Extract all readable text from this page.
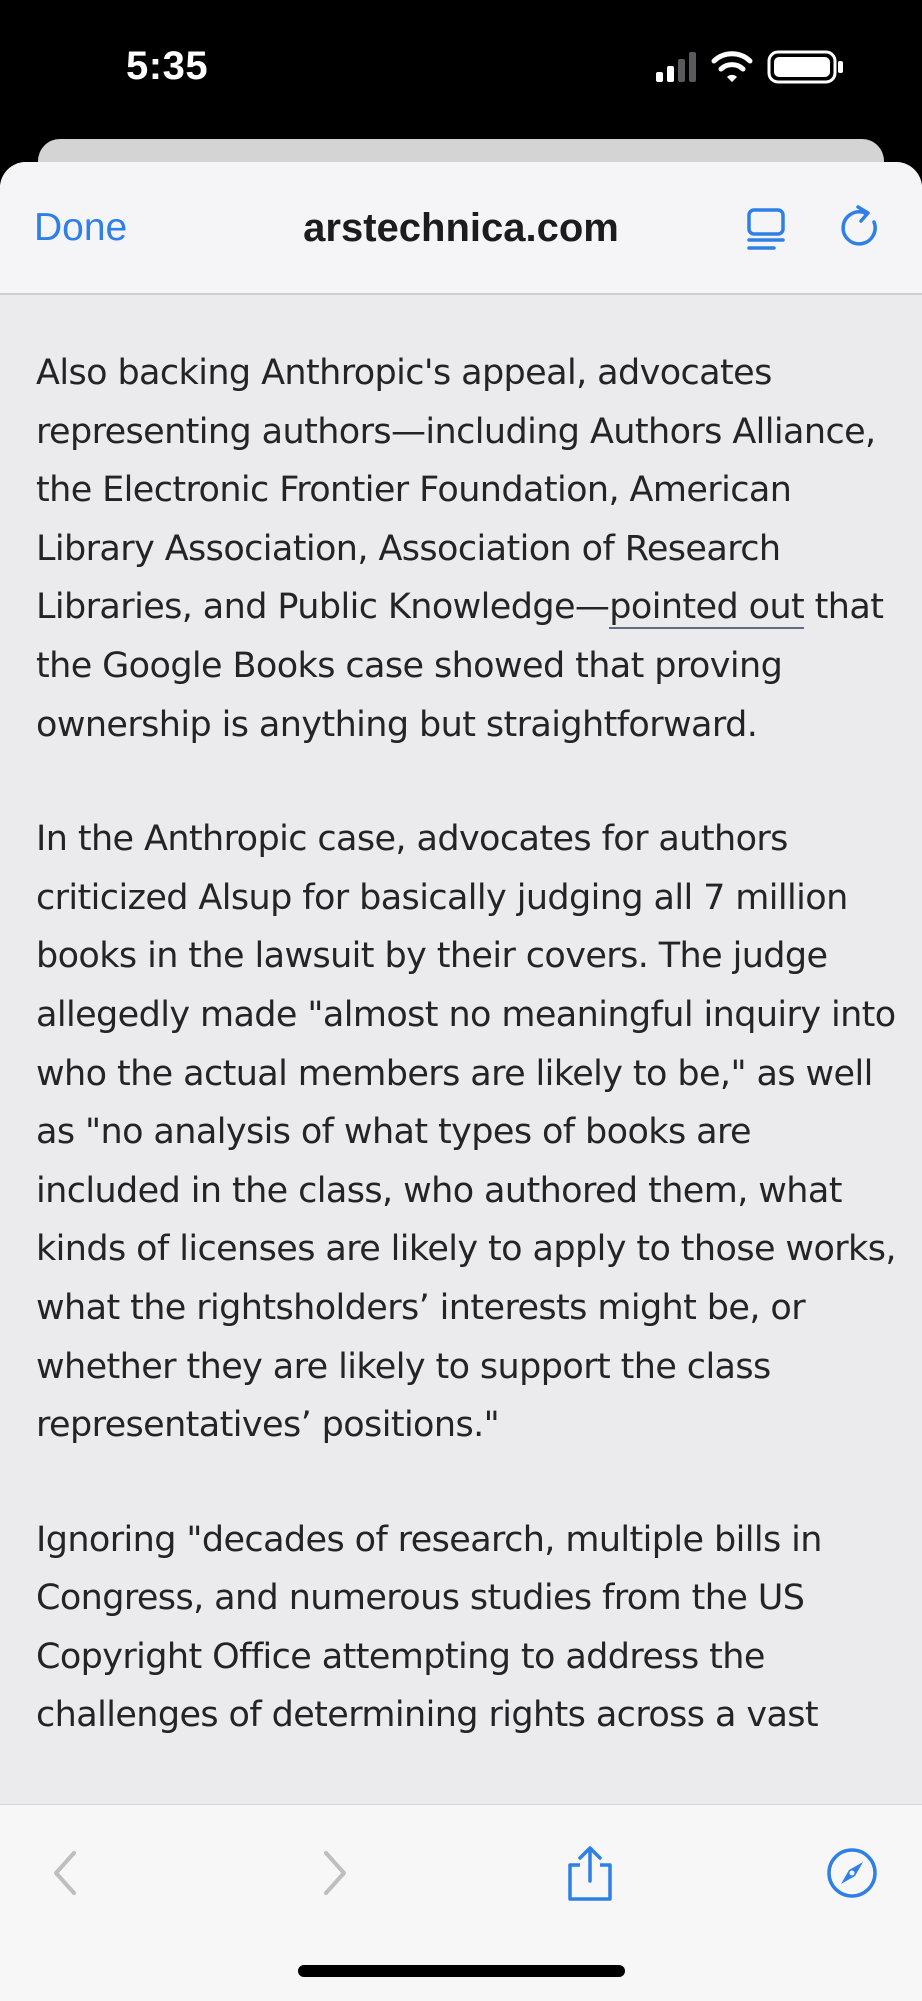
5:35
Done	arstechnica.com

Also backing Anthropic's appeal, advocates representing authors—including Authors Alliance, the Electronic Frontier Foundation, American Library Association, Association of Research Libraries, and Public Knowledge—pointed out that the Google Books case showed that proving ownership is anything but straightforward.

In the Anthropic case, advocates for authors criticized Alsup for basically judging all 7 million books in the lawsuit by their covers. The judge allegedly made "almost no meaningful inquiry into who the actual members are likely to be," as well as "no analysis of what types of books are included in the class, who authored them, what kinds of licenses are likely to apply to those works, what the rightsholders’ interests might be, or whether they are likely to support the class representatives’ positions."

Ignoring "decades of research, multiple bills in Congress, and numerous studies from the US Copyright Office attempting to address the challenges of determining rights across a vast
